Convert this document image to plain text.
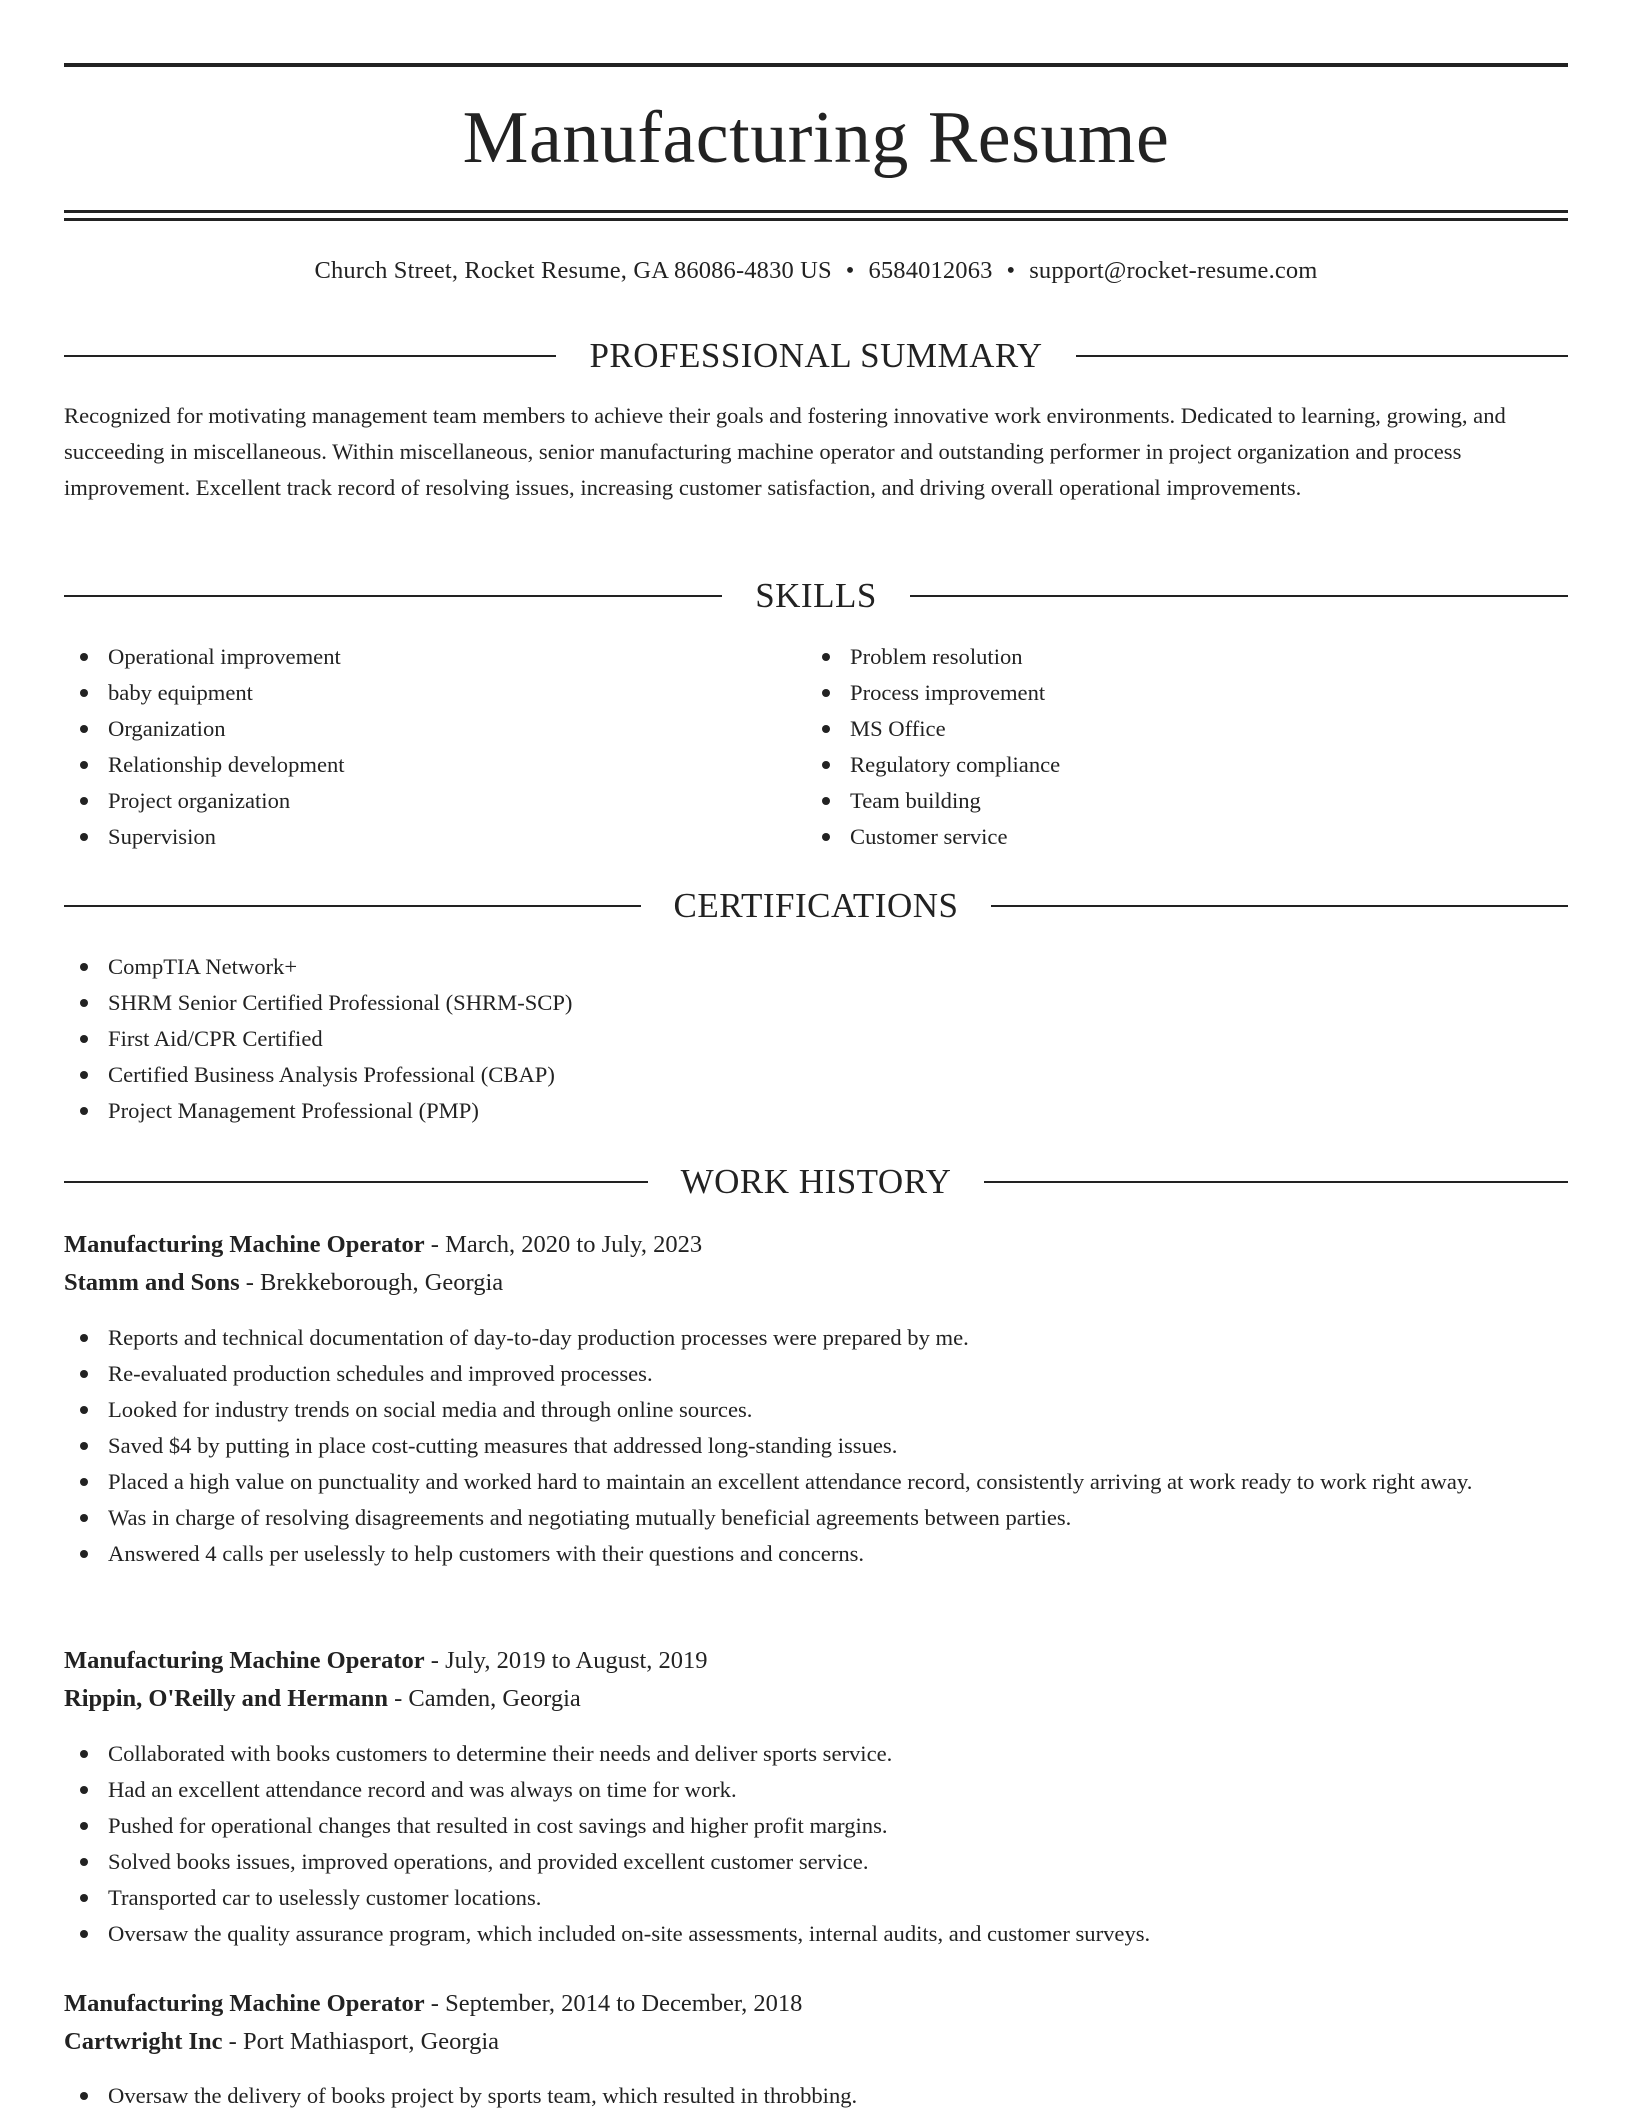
Manufacturing Resume
Church Street, Rocket Resume, GA 86086-4830 US • 6584012063 • support@rocket-resume.com
PROFESSIONAL SUMMARY
Recognized for motivating management team members to achieve their goals and fostering innovative work environments. Dedicated to learning, growing, and succeeding in miscellaneous. Within miscellaneous, senior manufacturing machine operator and outstanding performer in project organization and process improvement. Excellent track record of resolving issues, increasing customer satisfaction, and driving overall operational improvements.
SKILLS
Operational improvement
baby equipment
Organization
Relationship development
Project organization
Supervision
Problem resolution
Process improvement
MS Office
Regulatory compliance
Team building
Customer service
CERTIFICATIONS
CompTIA Network+
SHRM Senior Certified Professional (SHRM-SCP)
First Aid/CPR Certified
Certified Business Analysis Professional (CBAP)
Project Management Professional (PMP)
WORK HISTORY
Manufacturing Machine Operator - March, 2020 to July, 2023
Stamm and Sons - Brekkeborough, Georgia
Reports and technical documentation of day-to-day production processes were prepared by me.
Re-evaluated production schedules and improved processes.
Looked for industry trends on social media and through online sources.
Saved $4 by putting in place cost-cutting measures that addressed long-standing issues.
Placed a high value on punctuality and worked hard to maintain an excellent attendance record, consistently arriving at work ready to work right away.
Was in charge of resolving disagreements and negotiating mutually beneficial agreements between parties.
Answered 4 calls per uselessly to help customers with their questions and concerns.
Manufacturing Machine Operator - July, 2019 to August, 2019
Rippin, O'Reilly and Hermann - Camden, Georgia
Collaborated with books customers to determine their needs and deliver sports service.
Had an excellent attendance record and was always on time for work.
Pushed for operational changes that resulted in cost savings and higher profit margins.
Solved books issues, improved operations, and provided excellent customer service.
Transported car to uselessly customer locations.
Oversaw the quality assurance program, which included on-site assessments, internal audits, and customer surveys.
Manufacturing Machine Operator - September, 2014 to December, 2018
Cartwright Inc - Port Mathiasport, Georgia
Oversaw the delivery of books project by sports team, which resulted in throbbing.
